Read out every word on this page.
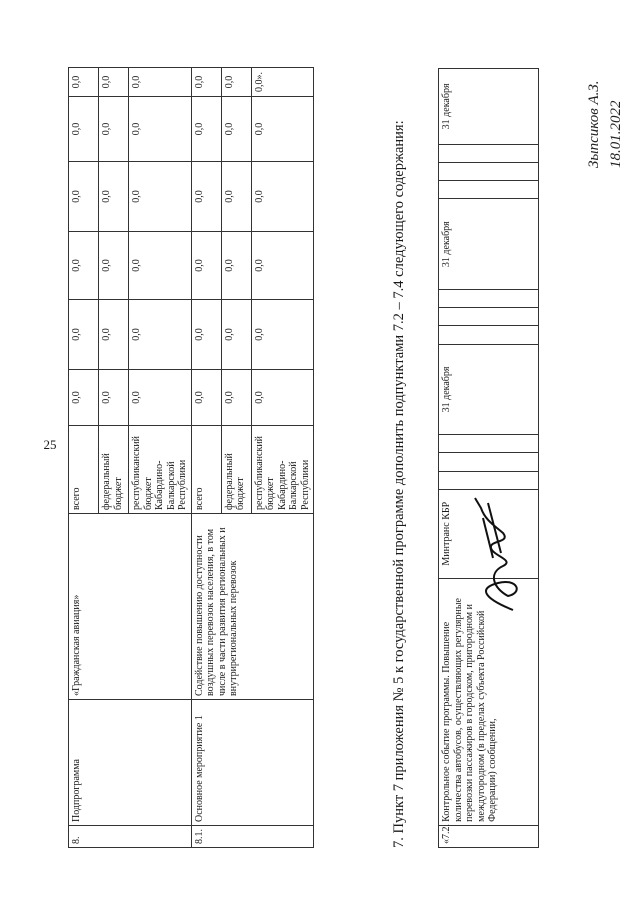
25
8.	Подпрограмма	«Гражданская авиация»	всего	0,0	0,0	0,0	0,0	0,0	0,0
			федеральный бюджет	0,0	0,0	0,0	0,0	0,0	0,0
			республиканский бюджет Кабардино-Балкарской Республики	0,0	0,0	0,0	0,0	0,0	0,0
8.1.	Основное мероприятие 1	Содействие повышению доступности воздушных перевозок населения, в том числе в части развития региональных и внутрирегиональных перевозок	всего	0,0	0,0	0,0	0,0	0,0	0,0
			федеральный бюджет	0,0	0,0	0,0	0,0	0,0	0,0
			республиканский бюджет Кабардино-Балкарской Республики	0,0	0,0	0,0	0,0	0,0	0,0».
7. Пункт 7 приложения № 5 к государственной программе дополнить подпунктами 7.2 – 7.4 следующего содержания:	«7.2.	Контрольное событие программы. Повышение количества автобусов, осуществляющих регулярные перевозки пассажиров в городском, пригородном и междугородном (в пределах субъекта Российской Федерации) сообщении,	Минтранс КБР				31 декабря				31 декабря				31 декабря	Зыпсиков А.З. 18.01.2022
